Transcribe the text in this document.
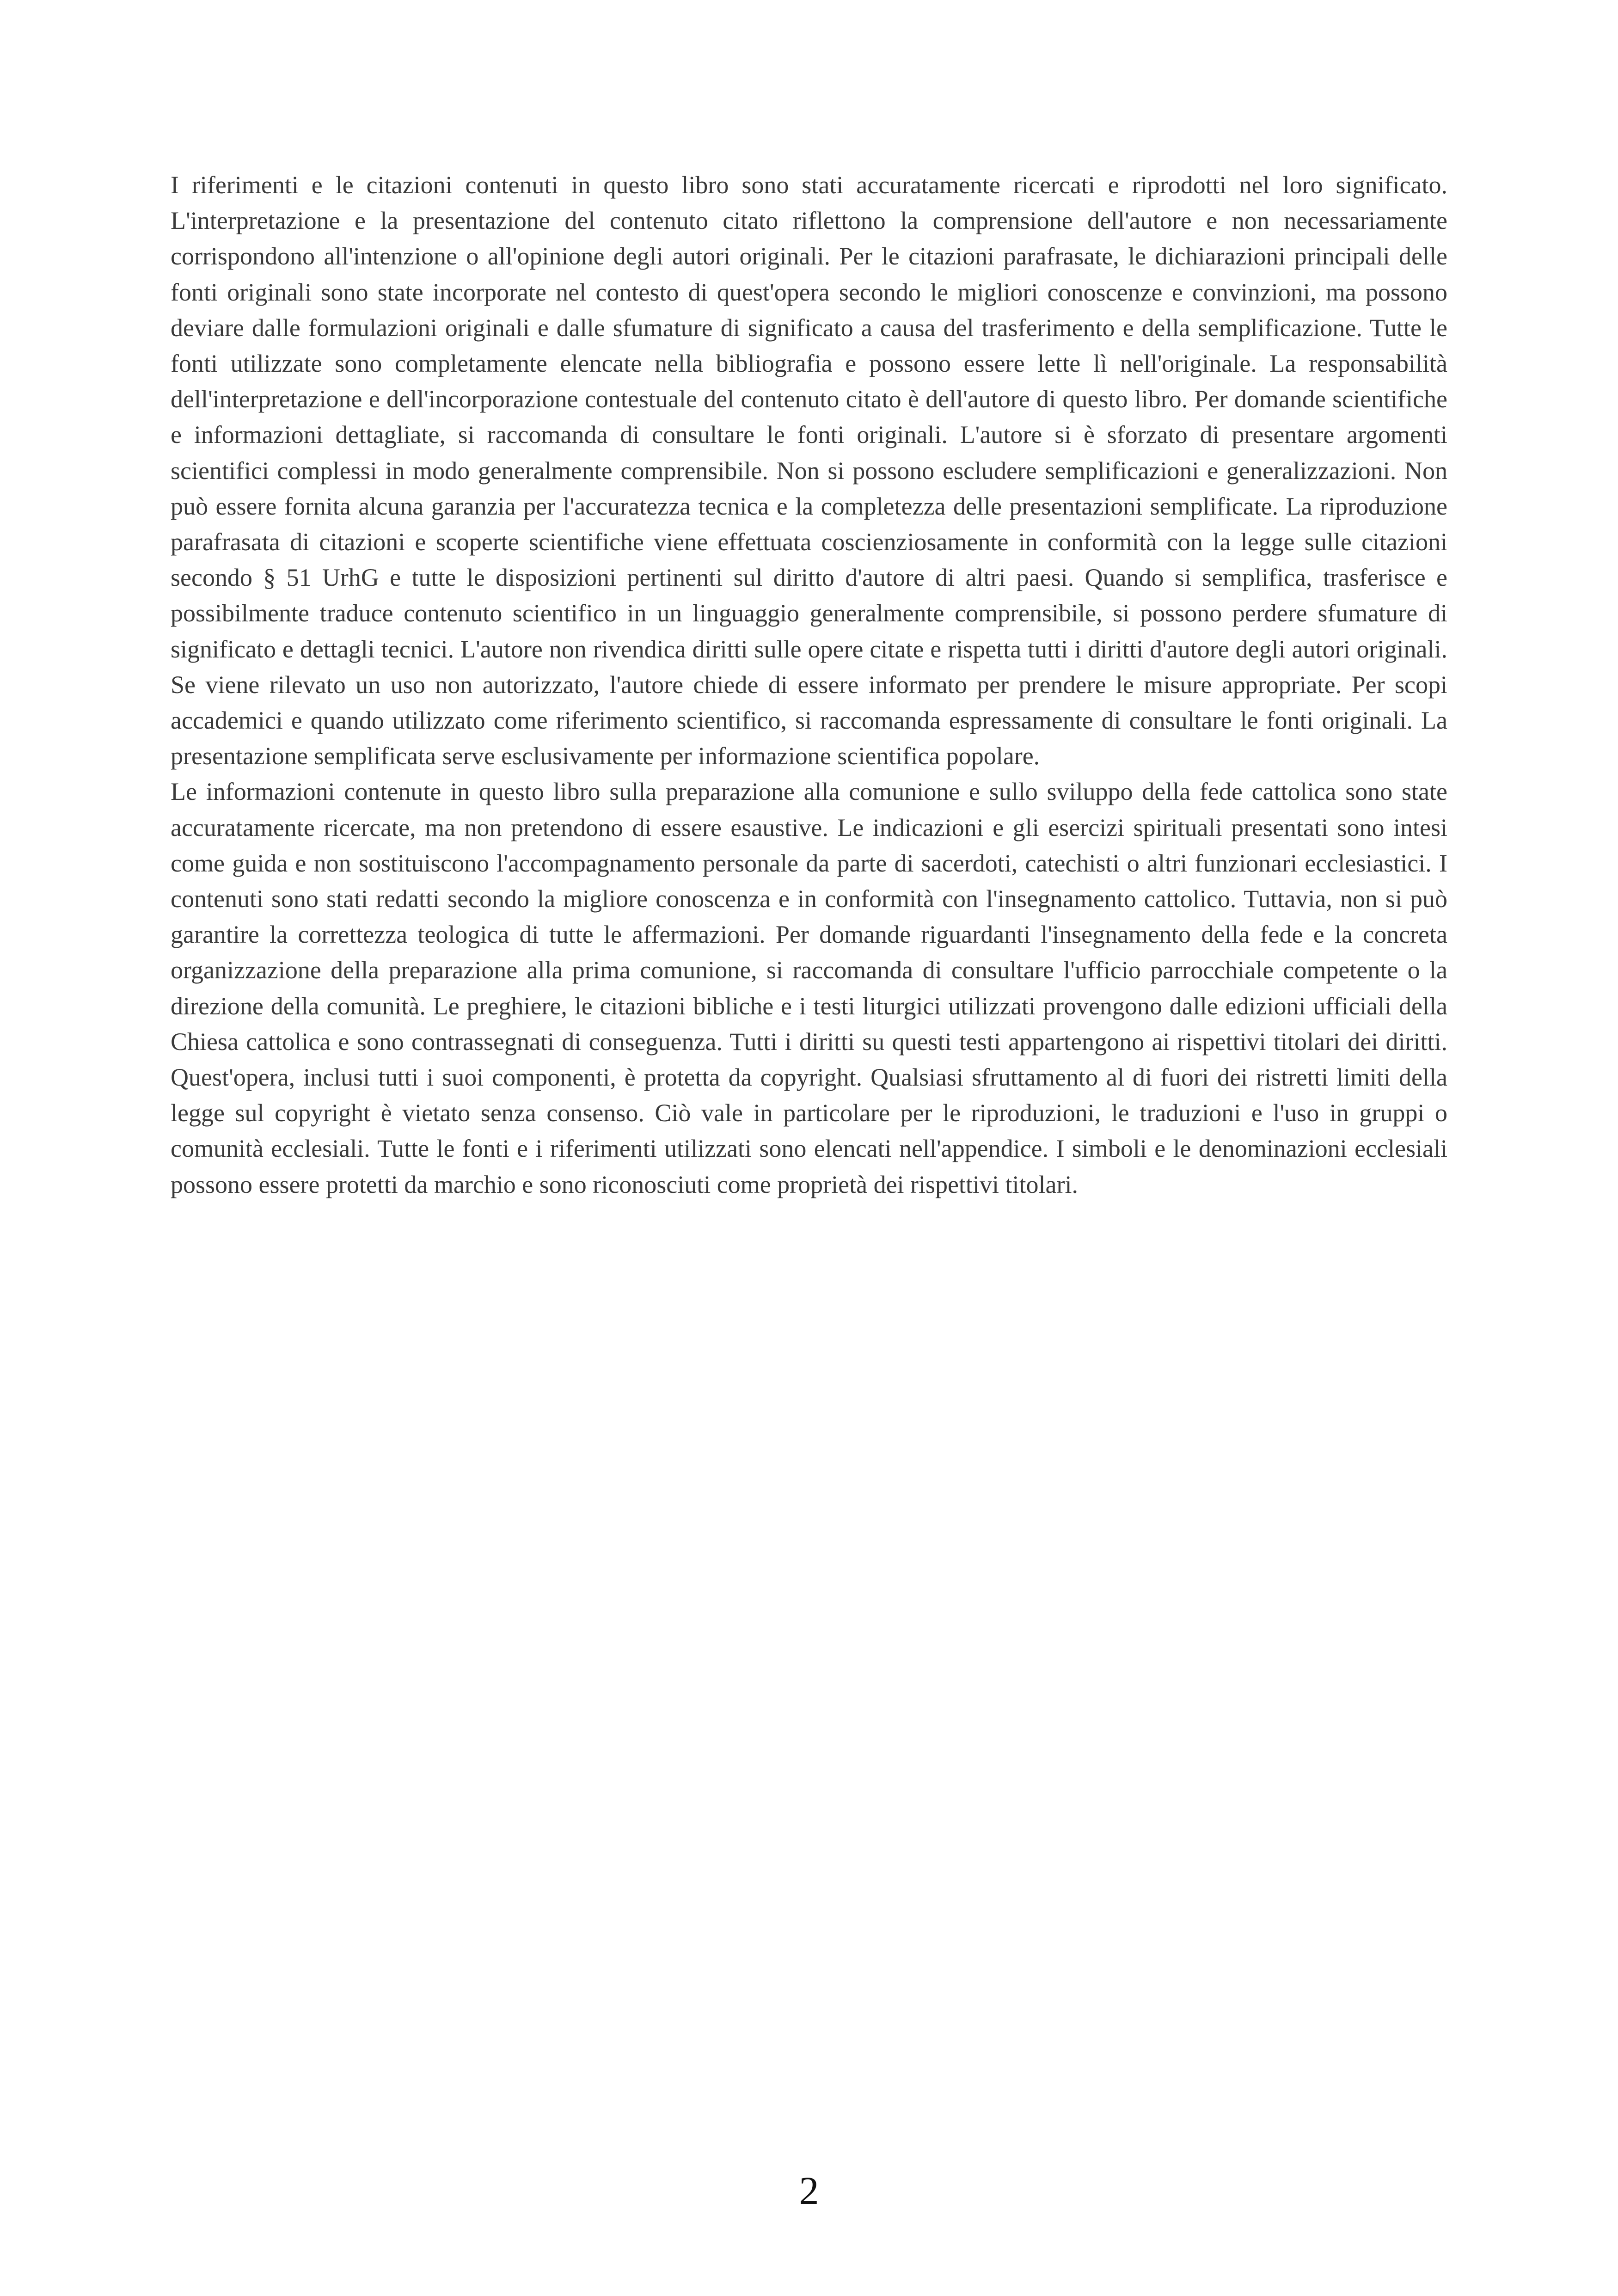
I riferimenti e le citazioni contenuti in questo libro sono stati accuratamente ricercati e riprodotti nel loro significato. L'interpretazione e la presentazione del contenuto citato riflettono la comprensione dell'autore e non necessariamente corrispondono all'intenzione o all'opinione degli autori originali. Per le citazioni parafrasate, le dichiarazioni principali delle fonti originali sono state incorporate nel contesto di quest'opera secondo le migliori conoscenze e convinzioni, ma possono deviare dalle formulazioni originali e dalle sfumature di significato a causa del trasferimento e della semplificazione. Tutte le fonti utilizzate sono completamente elencate nella bibliografia e possono essere lette lì nell'originale. La responsabilità dell'interpretazione e dell'incorporazione contestuale del contenuto citato è dell'autore di questo libro. Per domande scientifiche e informazioni dettagliate, si raccomanda di consultare le fonti originali. L'autore si è sforzato di presentare argomenti scientifici complessi in modo generalmente comprensibile. Non si possono escludere semplificazioni e generalizzazioni. Non può essere fornita alcuna garanzia per l'accuratezza tecnica e la completezza delle presentazioni semplificate. La riproduzione parafrasata di citazioni e scoperte scientifiche viene effettuata coscienziosamente in conformità con la legge sulle citazioni secondo § 51 UrhG e tutte le disposizioni pertinenti sul diritto d'autore di altri paesi. Quando si semplifica, trasferisce e possibilmente traduce contenuto scientifico in un linguaggio generalmente comprensibile, si possono perdere sfumature di significato e dettagli tecnici. L'autore non rivendica diritti sulle opere citate e rispetta tutti i diritti d'autore degli autori originali. Se viene rilevato un uso non autorizzato, l'autore chiede di essere informato per prendere le misure appropriate. Per scopi accademici e quando utilizzato come riferimento scientifico, si raccomanda espressamente di consultare le fonti originali. La presentazione semplificata serve esclusivamente per informazione scientifica popolare.

Le informazioni contenute in questo libro sulla preparazione alla comunione e sullo sviluppo della fede cattolica sono state accuratamente ricercate, ma non pretendono di essere esaustive. Le indicazioni e gli esercizi spirituali presentati sono intesi come guida e non sostituiscono l'accompagnamento personale da parte di sacerdoti, catechisti o altri funzionari ecclesiastici. I contenuti sono stati redatti secondo la migliore conoscenza e in conformità con l'insegnamento cattolico. Tuttavia, non si può garantire la correttezza teologica di tutte le affermazioni. Per domande riguardanti l'insegnamento della fede e la concreta organizzazione della preparazione alla prima comunione, si raccomanda di consultare l'ufficio parrocchiale competente o la direzione della comunità. Le preghiere, le citazioni bibliche e i testi liturgici utilizzati provengono dalle edizioni ufficiali della Chiesa cattolica e sono contrassegnati di conseguenza. Tutti i diritti su questi testi appartengono ai rispettivi titolari dei diritti. Quest'opera, inclusi tutti i suoi componenti, è protetta da copyright. Qualsiasi sfruttamento al di fuori dei ristretti limiti della legge sul copyright è vietato senza consenso. Ciò vale in particolare per le riproduzioni, le traduzioni e l'uso in gruppi o comunità ecclesiali. Tutte le fonti e i riferimenti utilizzati sono elencati nell'appendice. I simboli e le denominazioni ecclesiali possono essere protetti da marchio e sono riconosciuti come proprietà dei rispettivi titolari.

2
